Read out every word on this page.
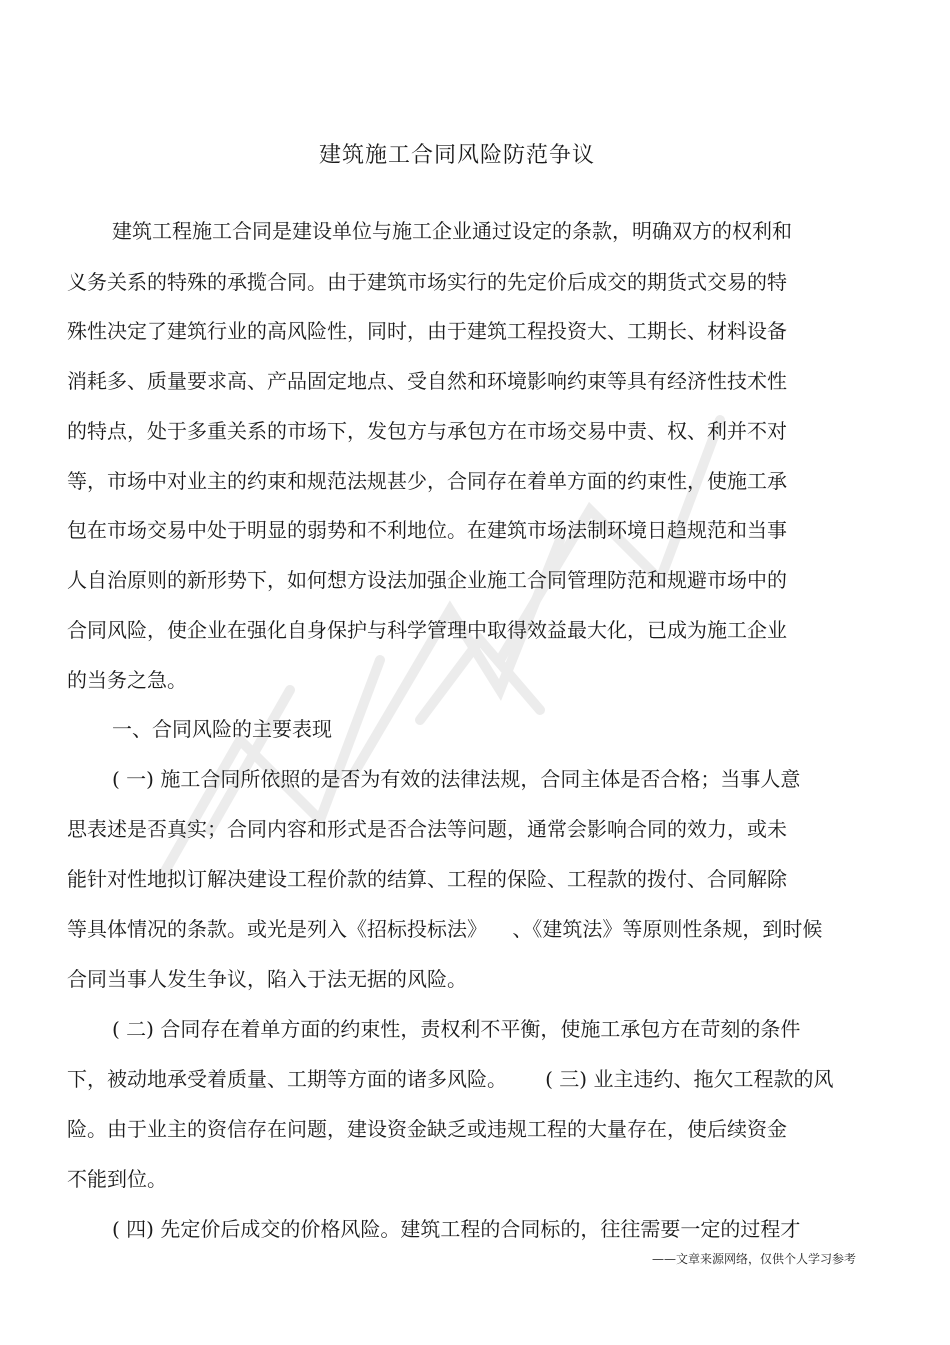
建筑施工合同风险防范争议
建筑工程施工合同是建设单位与施工企业通过设定的条款，明确双方的权利和
义务关系的特殊的承揽合同。由于建筑市场实行的先定价后成交的期货式交易的特
殊性决定了建筑行业的高风险性，同时，由于建筑工程投资大、工期长、材料设备
消耗多、质量要求高、产品固定地点、受自然和环境影响约束等具有经济性技术性
的特点，处于多重关系的市场下，发包方与承包方在市场交易中责、权、利并不对
等，市场中对业主的约束和规范法规甚少，合同存在着单方面的约束性，使施工承
包在市场交易中处于明显的弱势和不利地位。在建筑市场法制环境日趋规范和当事
人自治原则的新形势下，如何想方设法加强企业施工合同管理防范和规避市场中的
合同风险，使企业在强化自身保护与科学管理中取得效益最大化，已成为施工企业
的当务之急。
一、合同风险的主要表现
( 一) 施工合同所依照的是否为有效的法律法规，合同主体是否合格；当事人意
思表述是否真实；合同内容和形式是否合法等问题，通常会影响合同的效力，或未
能针对性地拟订解决建设工程价款的结算、工程的保险、工程款的拨付、合同解除
等具体情况的条款。或光是列入《招标投标法》    、《建筑法》等原则性条规，到时候
合同当事人发生争议，陷入于法无据的风险。
( 二) 合同存在着单方面的约束性，责权利不平衡，使施工承包方在苛刻的条件
下，被动地承受着质量、工期等方面的诸多风险。      ( 三) 业主违约、拖欠工程款的风
险。由于业主的资信存在问题，建设资金缺乏或违规工程的大量存在，使后续资金
不能到位。
( 四) 先定价后成交的价格风险。建筑工程的合同标的，往往需要一定的过程才
——文章来源网络，仅供个人学习参考
